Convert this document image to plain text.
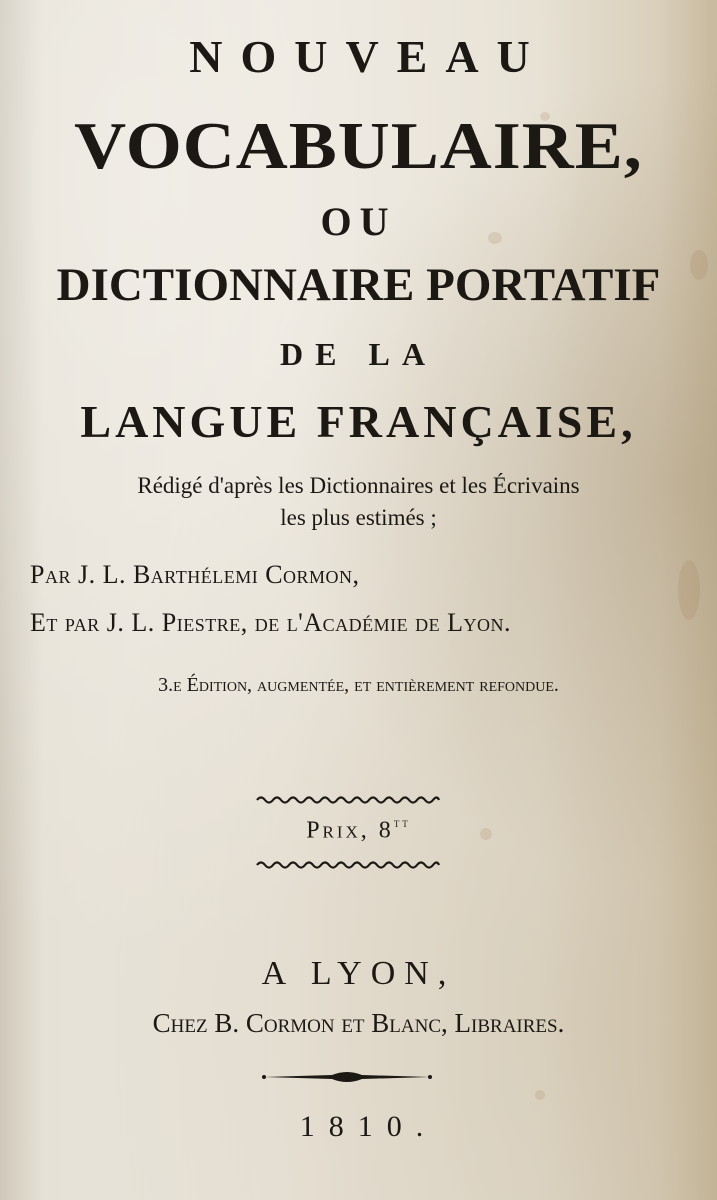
NOUVEAU
VOCABULAIRE,
OU
DICTIONNAIRE PORTATIF
DE LA
LANGUE FRANÇAISE,
Rédigé d'après les Dictionnaires et les Écrivains
les plus estimés ;
Par J. L. Barthélemi Cormon,
Et par J. L. Piestre, de l'Académie de Lyon.
3.e Édition, augmentée, et entièrement refondue.
Prix, $8^{tt}$
A LYON,
Chez B. Cormon et Blanc, Libraires.
1810.
